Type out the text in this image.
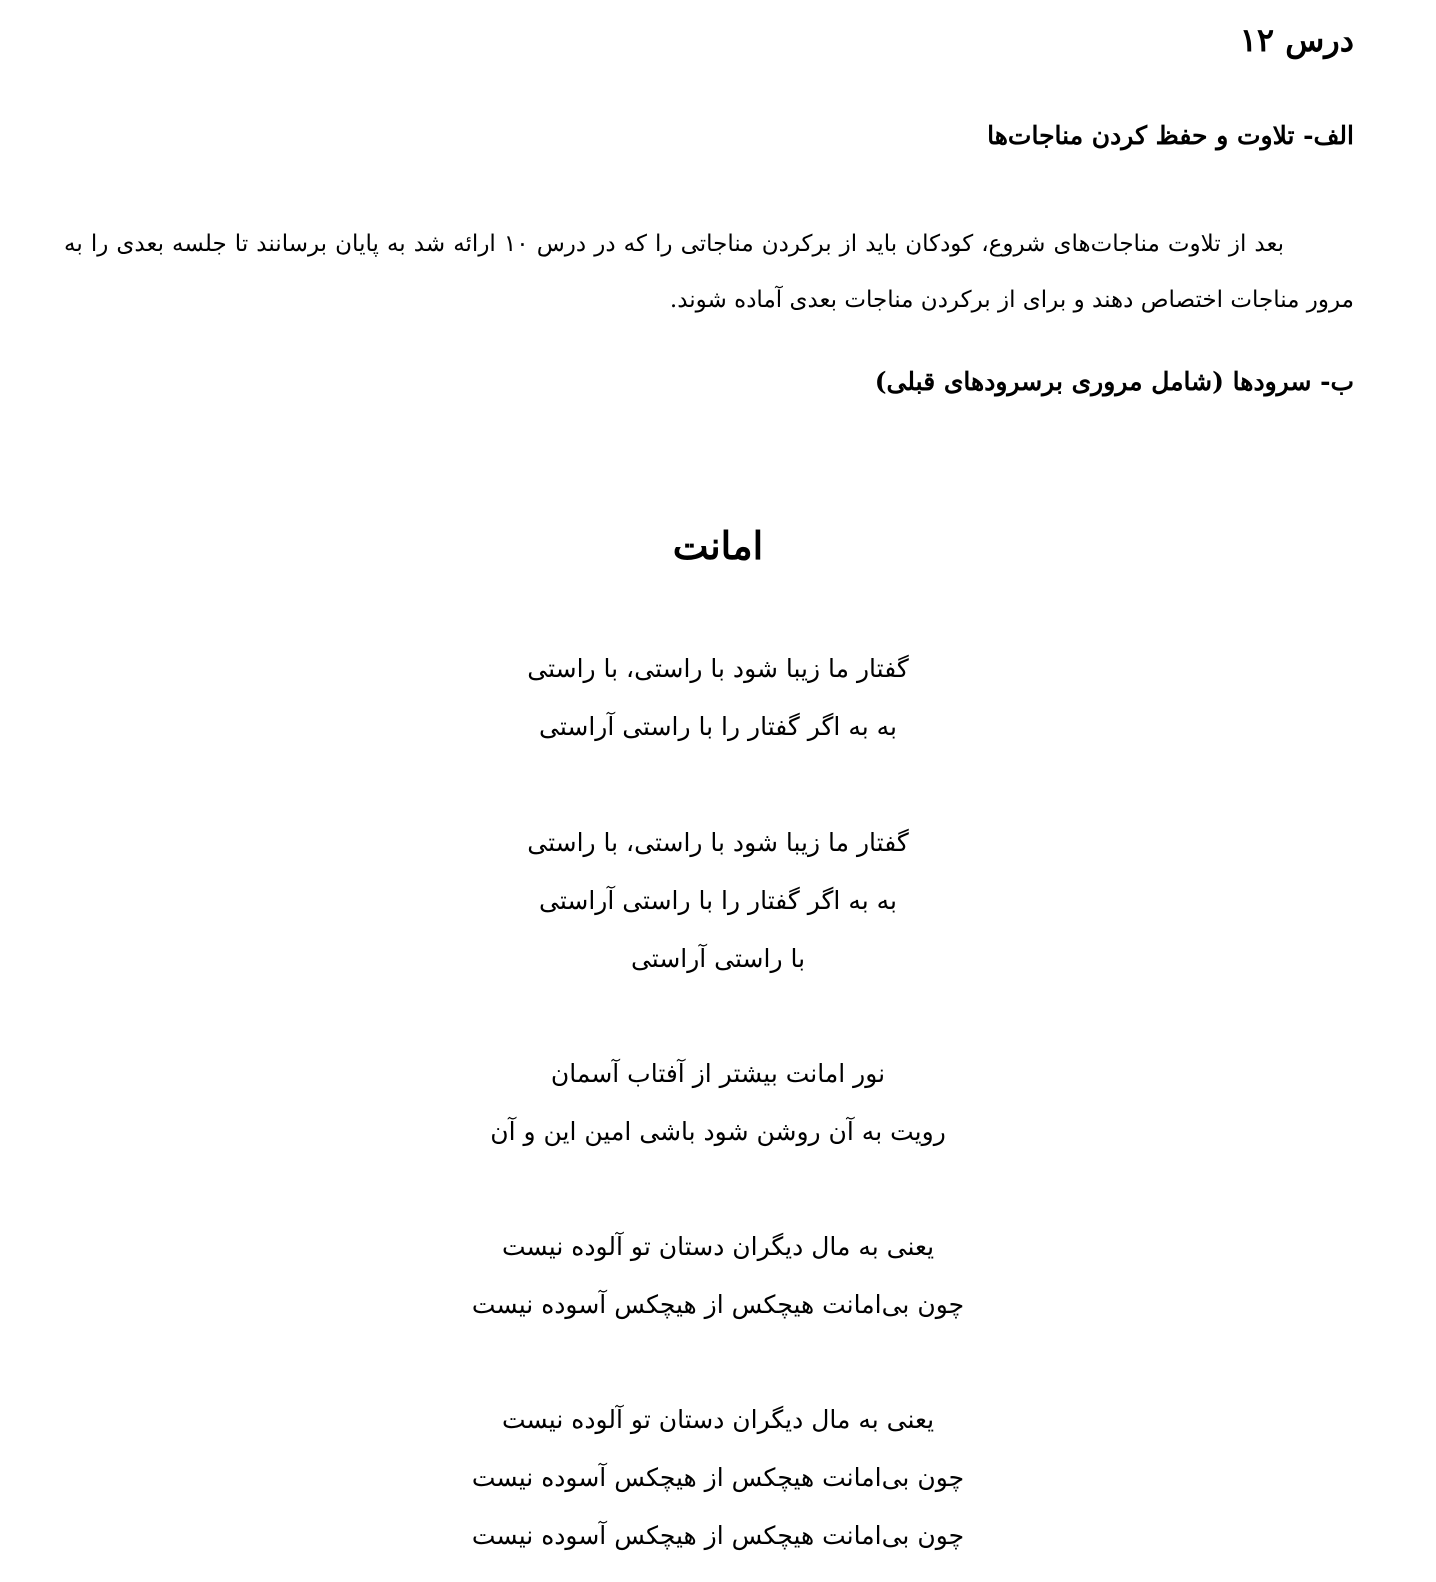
درس ۱۲
الف- تلاوت و حفظ کردن مناجات‌ها

بعد از تلاوت مناجات‌های شروع، کودکان باید از برکردن مناجاتی را که در درس ۱۰ ارائه شد به پایان برسانند تا جلسه بعدی را به مرور مناجات اختصاص دهند و برای از برکردن مناجات بعدی آماده شوند.

ب- سرودها (شامل مروری برسرودهای قبلی)
امانت
گفتار ما زیبا شود با راستی، با راستی
به به اگر گفتار را با راستی آراستی
گفتار ما زیبا شود با راستی، با راستی
به به اگر گفتار را با راستی آراستی
با راستی آراستی
نور امانت بیشتر از آفتاب آسمان
رویت به آن روشن شود باشی امین این و آن
یعنی به مال دیگران دستان تو آلوده نیست
چون بی‌امانت هیچکس از هیچکس آسوده نیست
یعنی به مال دیگران دستان تو آلوده نیست
چون بی‌امانت هیچکس از هیچکس آسوده نیست
چون بی‌امانت هیچکس از هیچکس آسوده نیست
